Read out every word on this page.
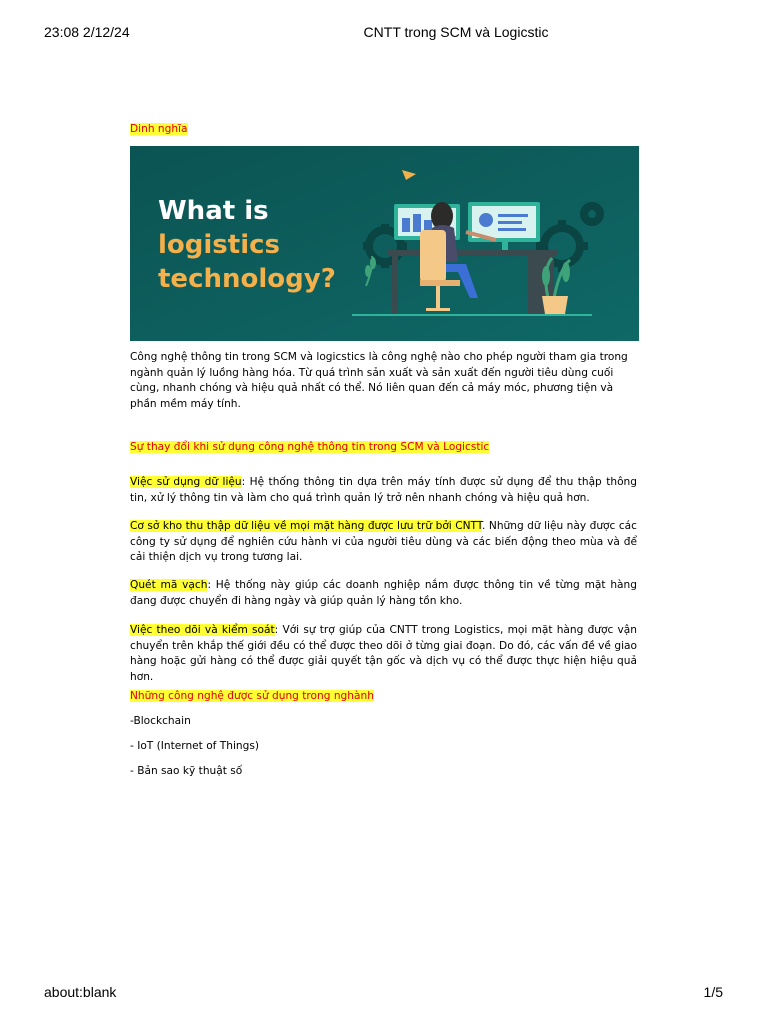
23:08 2/12/24	CNTT trong SCM và Logicstic
Dinh nghĩa
What is
logistics
technology?
Công nghệ thông tin trong SCM và logicstics là công nghệ nào cho phép người tham gia trong ngành quản lý luồng hàng hóa. Từ quá trình sản xuất và sản xuất đến người tiêu dùng cuối cùng, nhanh chóng và hiệu quả nhất có thể. Nó liên quan đến cả máy móc, phương tiện và phần mềm máy tính.
Sự thay đổi khi sử dụng công nghệ thông tin trong SCM và Logicstic
Việc sử dụng dữ liệu: Hệ thống thông tin dựa trên máy tính được sử dụng để thu thập thông tin, xử lý thông tin và làm cho quá trình quản lý trở nên nhanh chóng và hiệu quả hơn.
Cơ sở kho thu thập dữ liệu về mọi mặt hàng được lưu trữ bởi CNTT. Những dữ liệu này được các công ty sử dụng để nghiên cứu hành vi của người tiêu dùng và các biến động theo mùa và để cải thiện dịch vụ trong tương lai.
Quét mã vạch: Hệ thống này giúp các doanh nghiệp nắm được thông tin về từng mặt hàng đang được chuyển đi hàng ngày và giúp quản lý hàng tồn kho.
Việc theo dõi và kiểm soát: Với sự trợ giúp của CNTT trong Logistics, mọi mặt hàng được vận chuyển trên khắp thế giới đều có thể được theo dõi ở từng giai đoạn. Do đó, các vấn đề về giao hàng hoặc gửi hàng có thể được giải quyết tận gốc và dịch vụ có thể được thực hiện hiệu quả hơn.
Những công nghệ được sử dụng trong nghành
-Blockchain
- IoT (Internet of Things)
- Bản sao kỹ thuật số
about:blank	1/5
